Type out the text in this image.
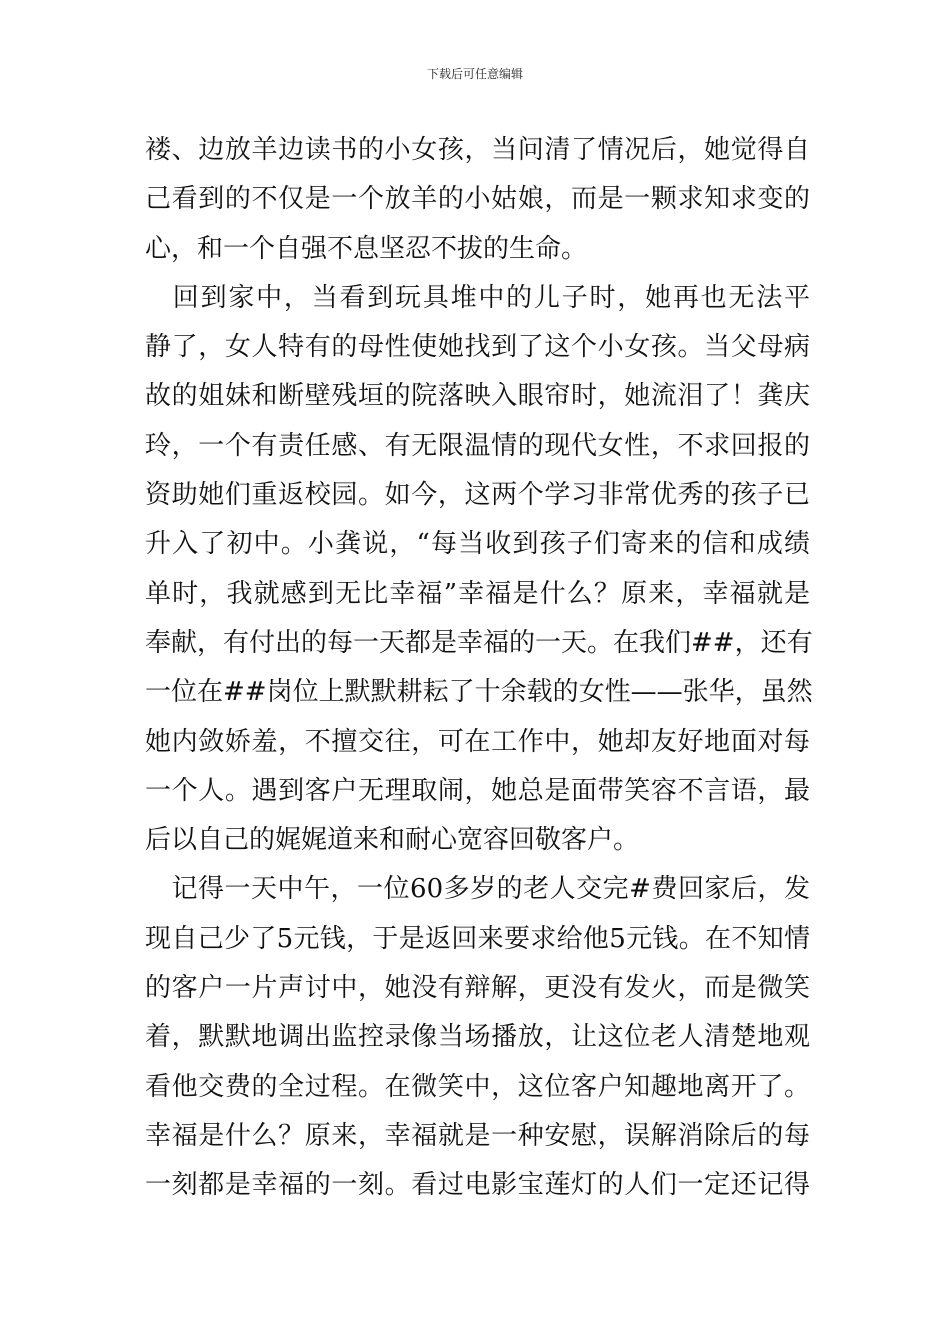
下载后可任意编辑
褛、边放羊边读书的小女孩，当问清了情况后，她觉得自
己看到的不仅是一个放羊的小姑娘，而是一颗求知求变的
心，和一个自强不息坚忍不拔的生命。
　回到家中，当看到玩具堆中的儿子时，她再也无法平
静了，女人特有的母性使她找到了这个小女孩。当父母病
故的姐妹和断壁残垣的院落映入眼帘时，她流泪了！龚庆
玲，一个有责任感、有无限温情的现代女性，不求回报的
资助她们重返校园。如今，这两个学习非常优秀的孩子已
升入了初中。小龚说，“每当收到孩子们寄来的信和成绩
单时，我就感到无比幸福”幸福是什么？原来，幸福就是
奉献，有付出的每一天都是幸福的一天。在我们##，还有
一位在##岗位上默默耕耘了十余载的女性——张华，虽然
她内敛娇羞，不擅交往，可在工作中，她却友好地面对每
一个人。遇到客户无理取闹，她总是面带笑容不言语，最
后以自己的娓娓道来和耐心宽容回敬客户。
　记得一天中午，一位60多岁的老人交完#费回家后，发
现自己少了5元钱，于是返回来要求给他5元钱。在不知情
的客户一片声讨中，她没有辩解，更没有发火，而是微笑
着，默默地调出监控录像当场播放，让这位老人清楚地观
看他交费的全过程。在微笑中，这位客户知趣地离开了。
幸福是什么？原来，幸福就是一种安慰，误解消除后的每
一刻都是幸福的一刻。看过电影宝莲灯的人们一定还记得
